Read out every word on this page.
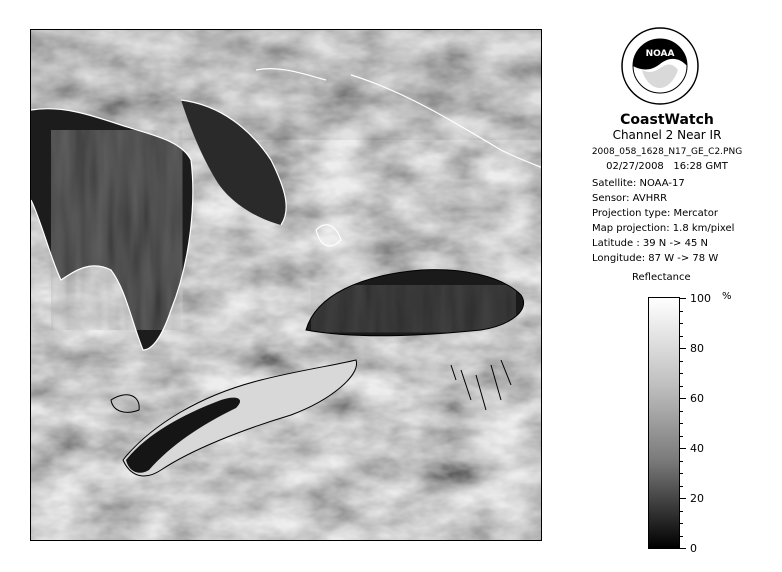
NOAA
CoastWatch
Channel 2 Near IR
2008_058_1628_N17_GE_C2.PNG
02/27/2008 16:28 GMT
Satellite: NOAA-17
Sensor: AVHRR
Projection type: Mercator
Map projection: 1.8 km/pixel
Latitude : 39 N -> 45 N
Longitude: 87 W -> 78 W
Reflectance
%
100
80
60
40
20
0
